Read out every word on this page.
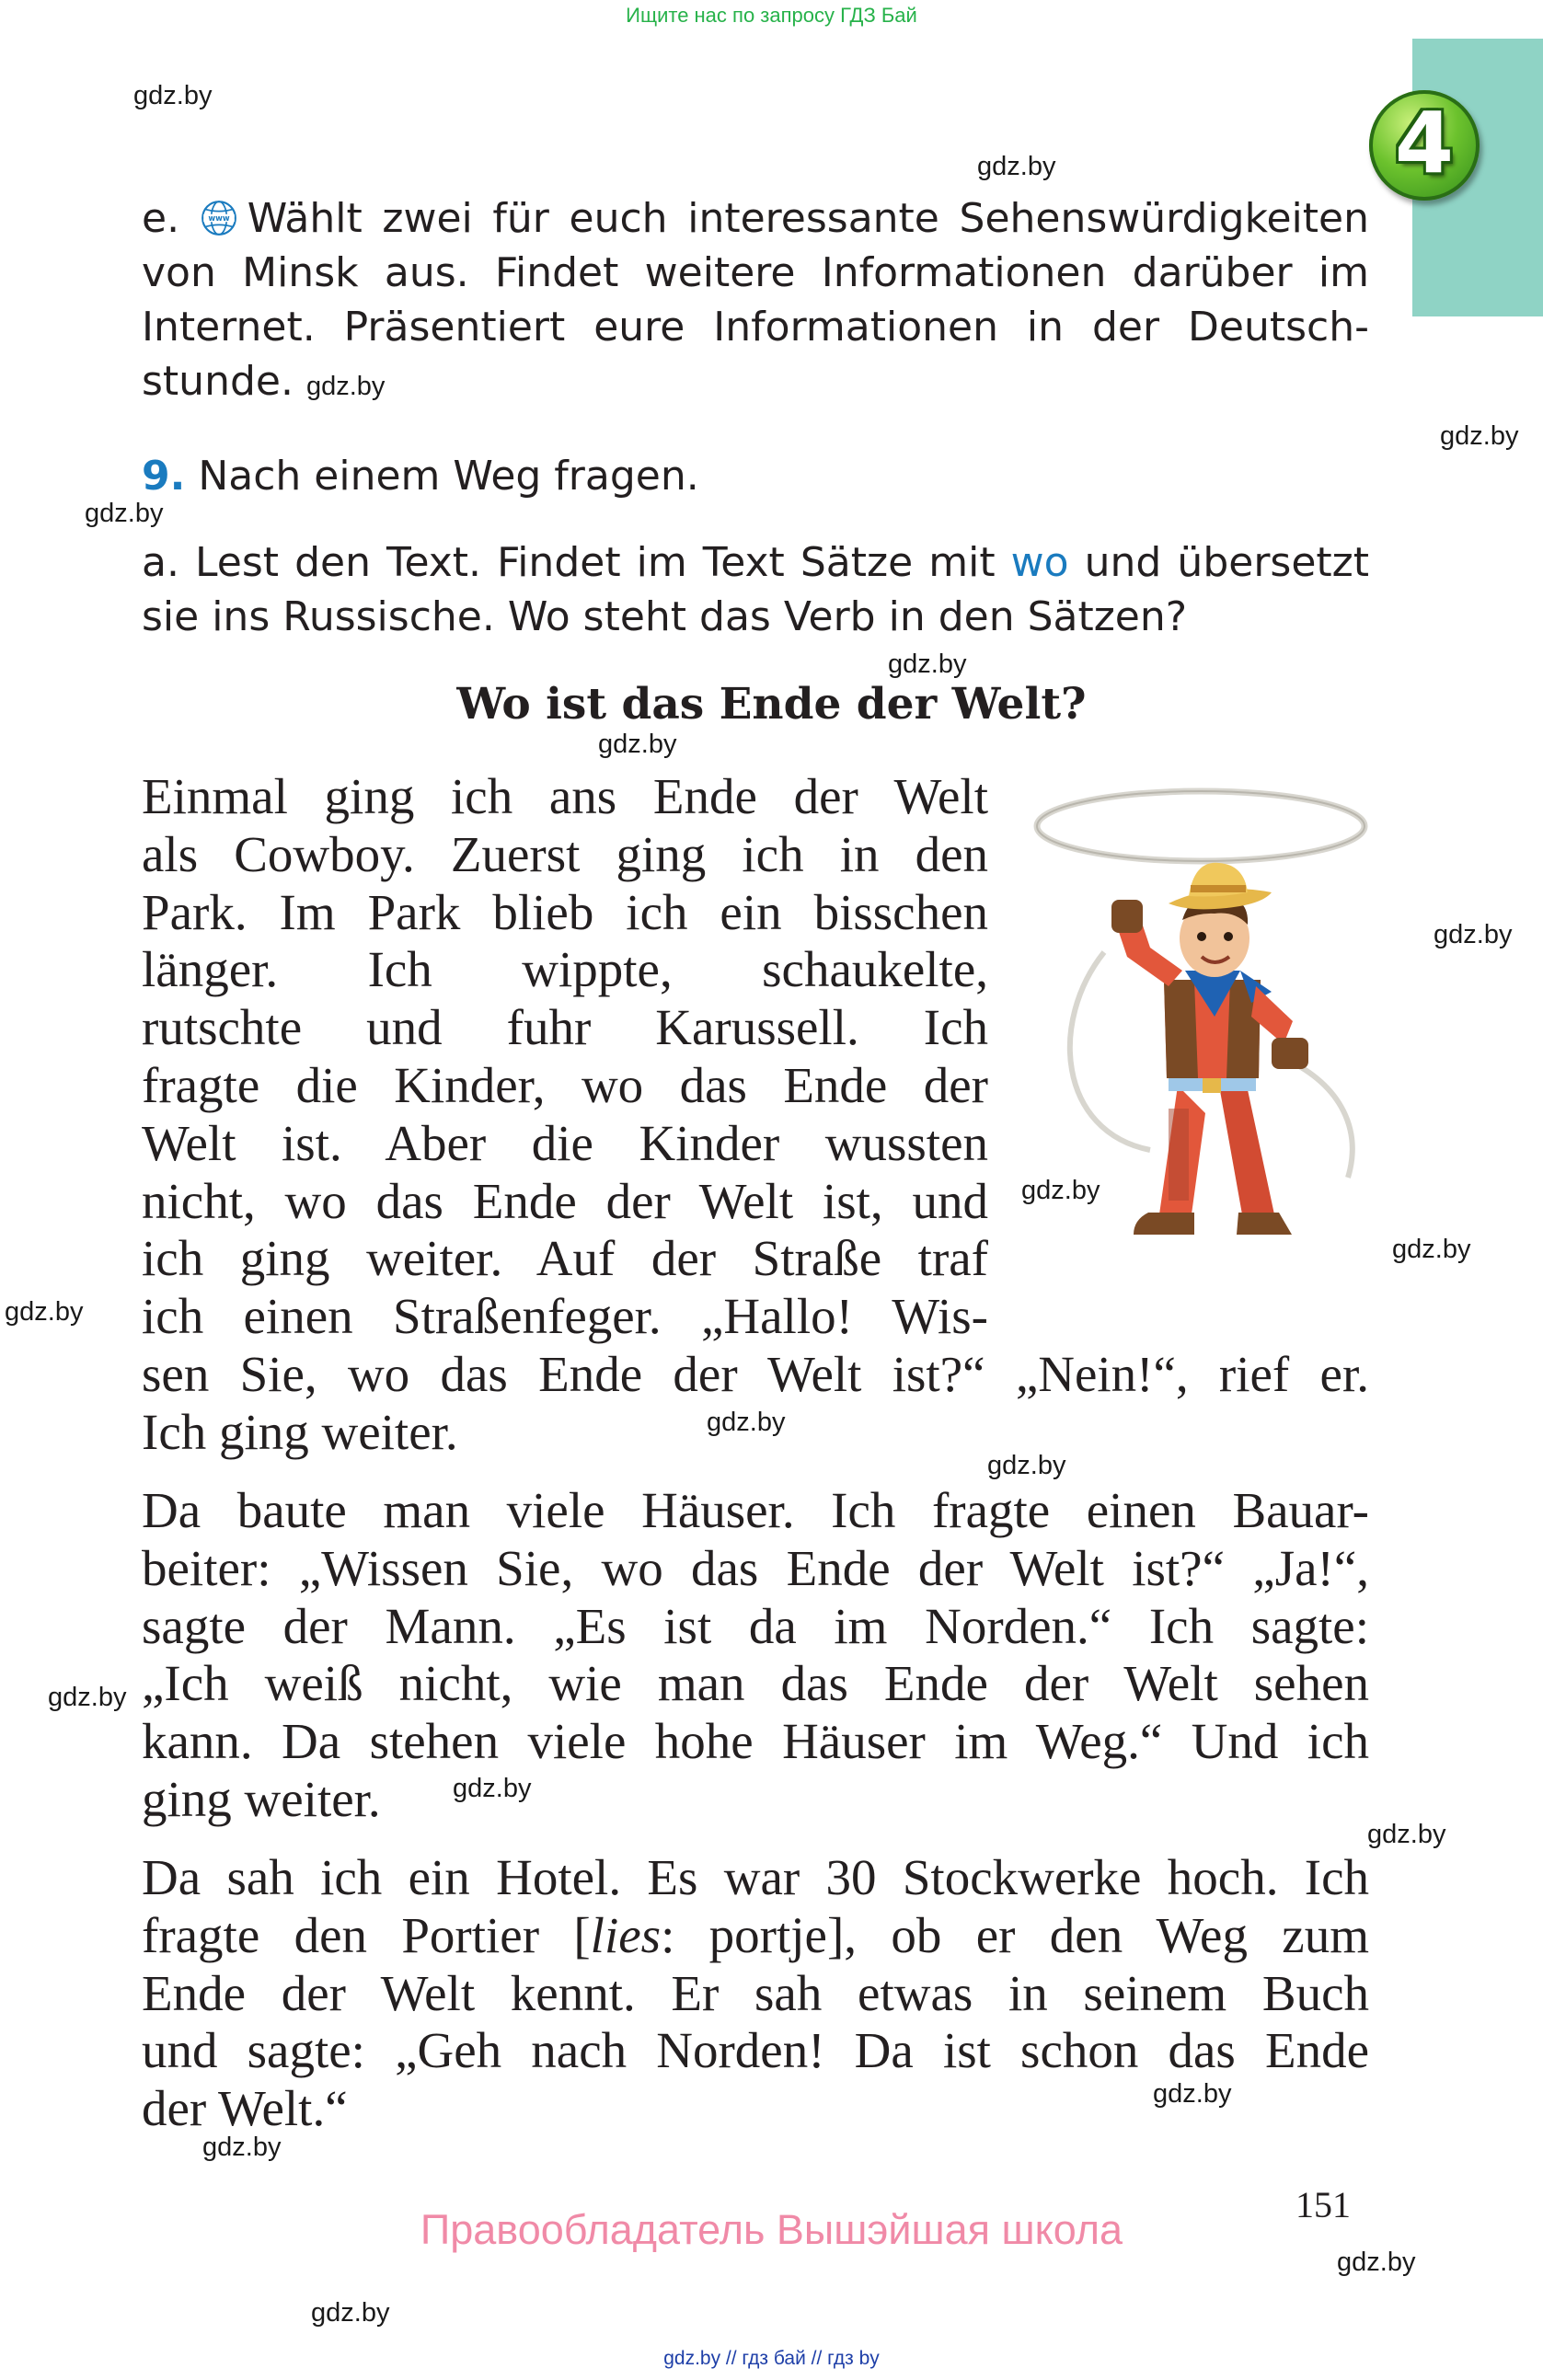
Ищите нас по запросу ГДЗ Бай
4
gdz.by
gdz.by
gdz.by
gdz.by
gdz.by
gdz.by
gdz.by
gdz.by
gdz.by
gdz.by
gdz.by
gdz.by
gdz.by
gdz.by
gdz.by
gdz.by
gdz.by
gdz.by
gdz.by
e.	www Wählt zwei für euch interessante Sehenswürdigkeiten
von Minsk aus. Findet weitere Informationen darüber im
Internet. Präsentiert eure Informationen in der Deutsch-
stunde. gdz.by
9. Nach einem Weg fragen.
a. Lest den Text. Findet im Text Sätze mit wo und übersetzt
sie ins Russische. Wo steht das Verb in den Sätzen?
Wo ist das Ende der Welt?
Einmal ging ich ans Ende der Welt
als Cowboy. Zuerst ging ich in den
Park. Im Park blieb ich ein bisschen
länger. Ich wippte, schaukelte,
rutschte und fuhr Karussell. Ich
fragte die Kinder, wo das Ende der
Welt ist. Aber die Kinder wussten
nicht, wo das Ende der Welt ist, und
ich ging weiter. Auf der Straße traf
ich einen Straßenfeger. „Hallo! Wis-
sen Sie, wo das Ende der Welt ist?“ „Nein!“, rief er.
Ich ging weiter.
Da baute man viele Häuser. Ich fragte einen Bauar-
beiter: „Wissen Sie, wo das Ende der Welt ist?“ „Ja!“,
sagte der Mann. „Es ist da im Norden.“ Ich sagte:
„Ich weiß nicht, wie man das Ende der Welt sehen
kann. Da stehen viele hohe Häuser im Weg.“ Und ich
ging weiter.
Da sah ich ein Hotel. Es war 30 Stockwerke hoch. Ich
fragte den Portier [lies: portje], ob er den Weg zum
Ende der Welt kennt. Er sah etwas in seinem Buch
und sagte: „Geh nach Norden! Da ist schon das Ende
der Welt.“
151
Правообладатель Вышэйшая школа
gdz.by // гдз бай // гдз by
